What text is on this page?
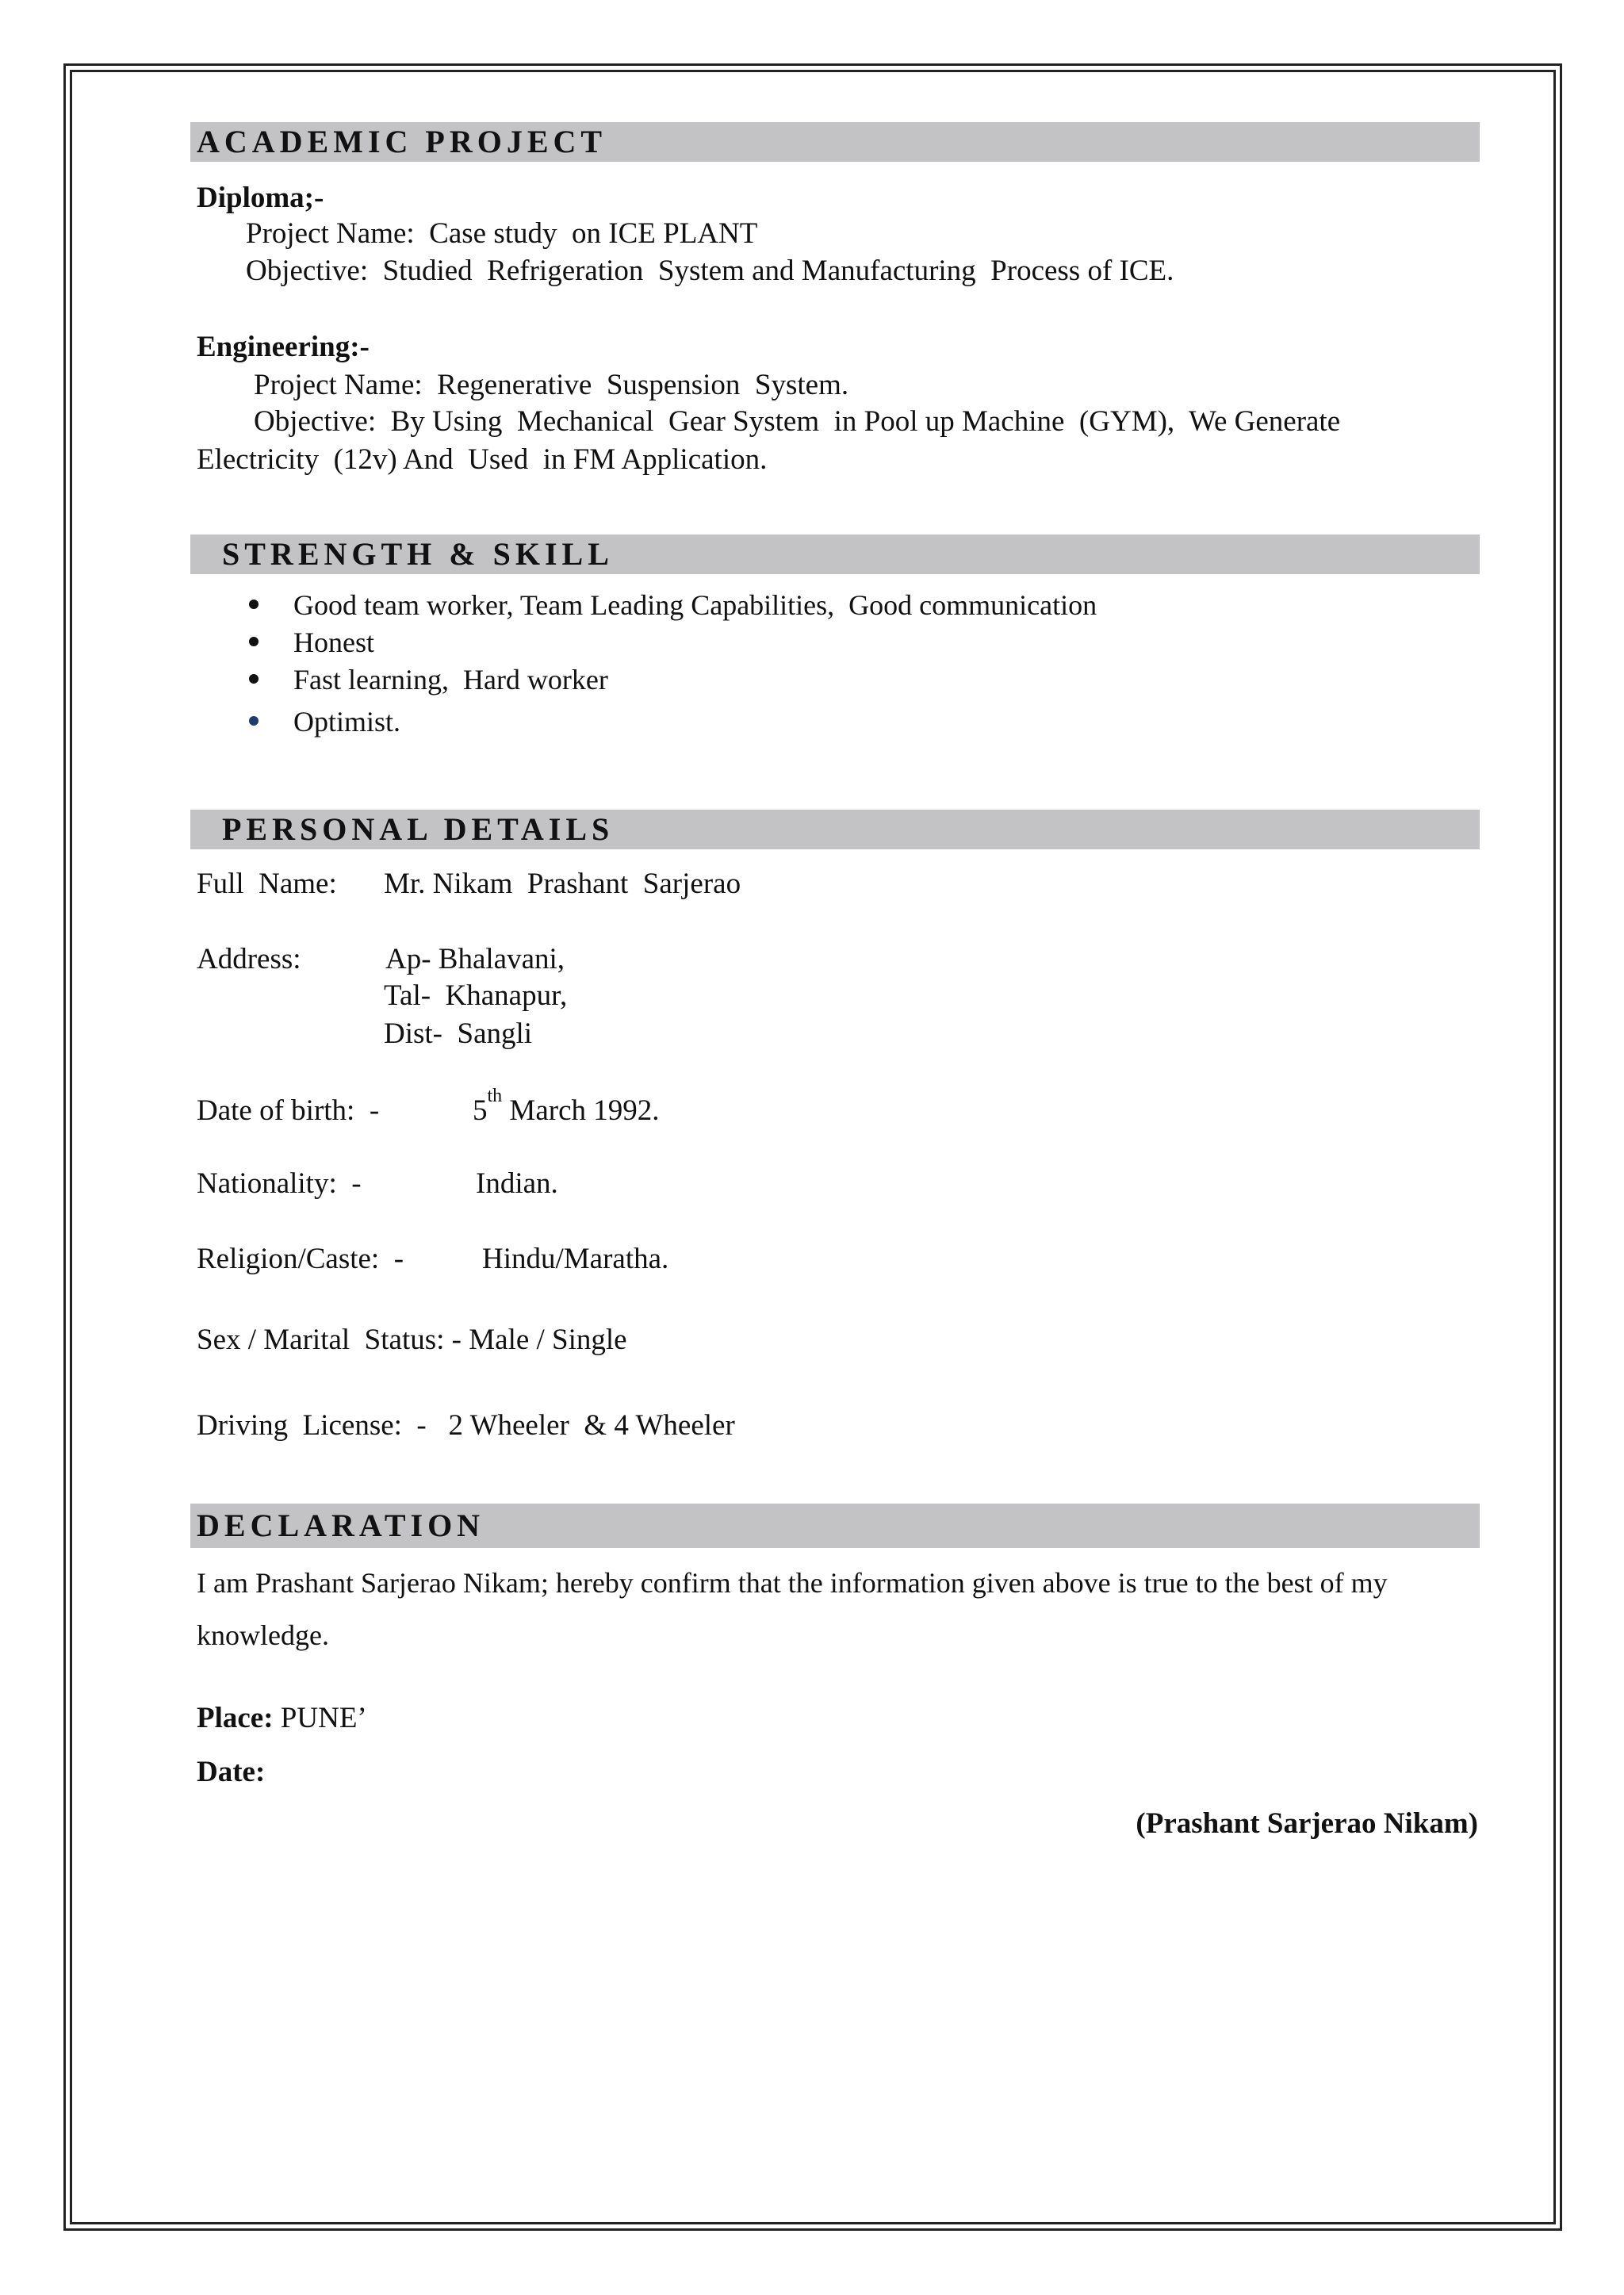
ACADEMIC PROJECT
Diploma;-
Project Name:  Case study  on ICE PLANT
Objective:  Studied  Refrigeration  System and Manufacturing  Process of ICE.
Engineering:-
Project Name:  Regenerative  Suspension  System.
Objective:  By Using  Mechanical  Gear System  in Pool up Machine  (GYM),  We Generate
Electricity  (12v) And  Used  in FM Application.
STRENGTH & SKILL
Good team worker, Team Leading Capabilities,  Good communication
Honest
Fast learning,  Hard worker
Optimist.
PERSONAL DETAILS
Full  Name: Mr. Nikam  Prashant  Sarjerao
Address:	Ap- Bhalavani,
Tal-  Khanapur,
Dist-  Sangli
Date of birth:  -	5th March 1992.
Nationality:  -	Indian.
Religion/Caste:  -	Hindu/Maratha.
Sex / Marital  Status: - Male / Single
Driving  License:  -   2 Wheeler  & 4 Wheeler
DECLARATION
I am Prashant Sarjerao Nikam; hereby confirm that the information given above is true to the best of my
knowledge.
Place: PUNE’
Date:
(Prashant Sarjerao Nikam)
